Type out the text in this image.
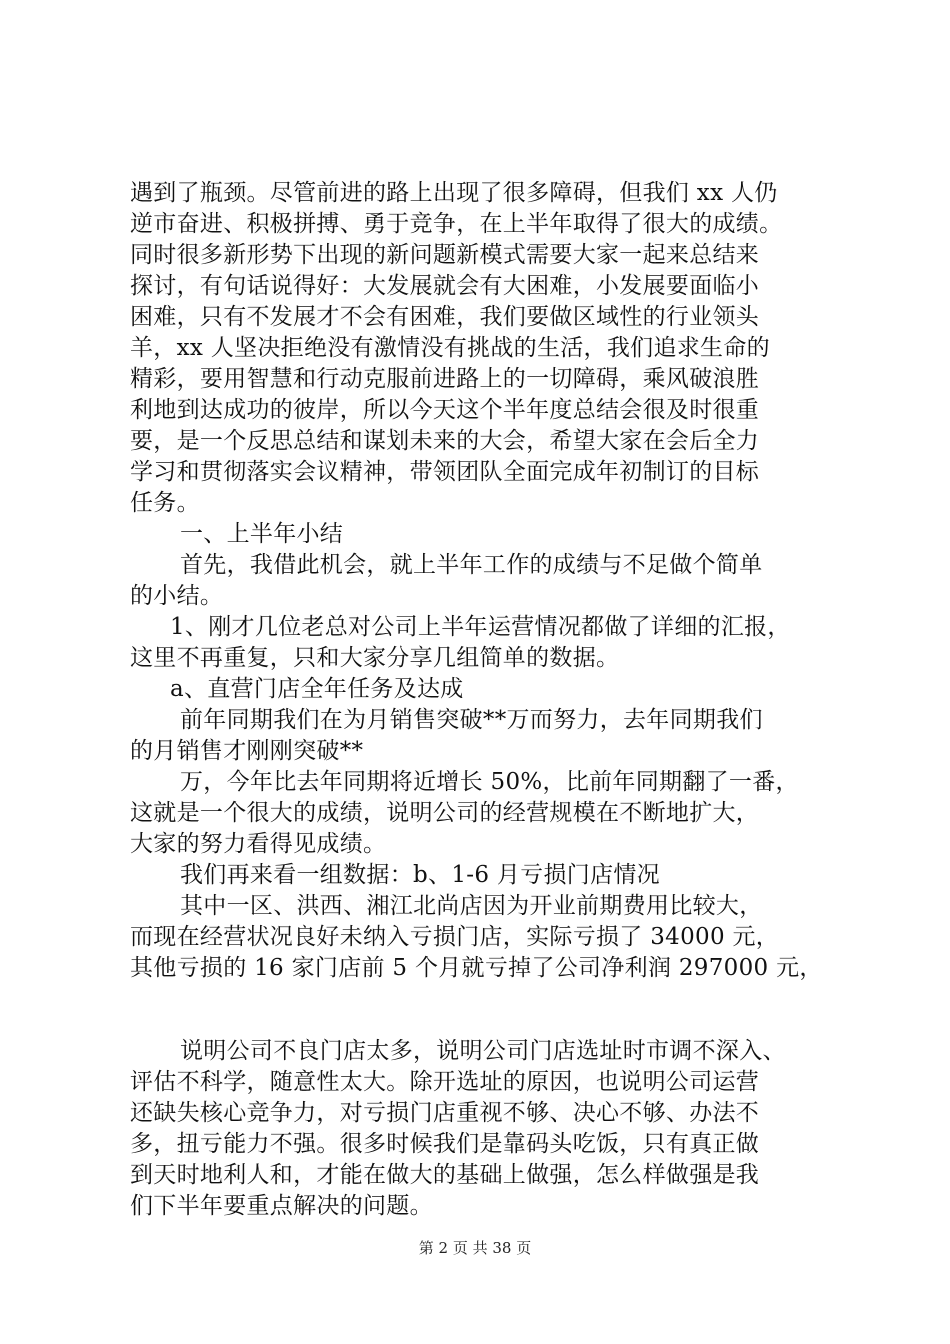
遇到了瓶颈。尽管前进的路上出现了很多障碍，但我们 xx 人仍
逆市奋进、积极拼搏、勇于竞争，在上半年取得了很大的成绩。
同时很多新形势下出现的新问题新模式需要大家一起来总结来
探讨，有句话说得好：大发展就会有大困难，小发展要面临小
困难，只有不发展才不会有困难，我们要做区域性的行业领头
羊，xx 人坚决拒绝没有激情没有挑战的生活，我们追求生命的
精彩，要用智慧和行动克服前进路上的一切障碍，乘风破浪胜
利地到达成功的彼岸，所以今天这个半年度总结会很及时很重
要，是一个反思总结和谋划未来的大会，希望大家在会后全力
学习和贯彻落实会议精神，带领团队全面完成年初制订的目标
任务。
一、上半年小结
首先，我借此机会，就上半年工作的成绩与不足做个简单
的小结。
1、刚才几位老总对公司上半年运营情况都做了详细的汇报，
这里不再重复，只和大家分享几组简单的数据。
a、直营门店全年任务及达成
前年同期我们在为月销售突破**万而努力，去年同期我们
的月销售才刚刚突破**
万，今年比去年同期将近增长 50%，比前年同期翻了一番，
这就是一个很大的成绩，说明公司的经营规模在不断地扩大，
大家的努力看得见成绩。
我们再来看一组数据：b、1-6 月亏损门店情况
其中一区、洪西、湘江北尚店因为开业前期费用比较大，
而现在经营状况良好未纳入亏损门店，实际亏损了 34000 元，
其他亏损的 16 家门店前 5 个月就亏掉了公司净利润 297000 元，
说明公司不良门店太多，说明公司门店选址时市调不深入、
评估不科学，随意性太大。除开选址的原因，也说明公司运营
还缺失核心竞争力，对亏损门店重视不够、决心不够、办法不
多，扭亏能力不强。很多时候我们是靠码头吃饭，只有真正做
到天时地利人和，才能在做大的基础上做强，怎么样做强是我
们下半年要重点解决的问题。
第 2 页 共 38 页
